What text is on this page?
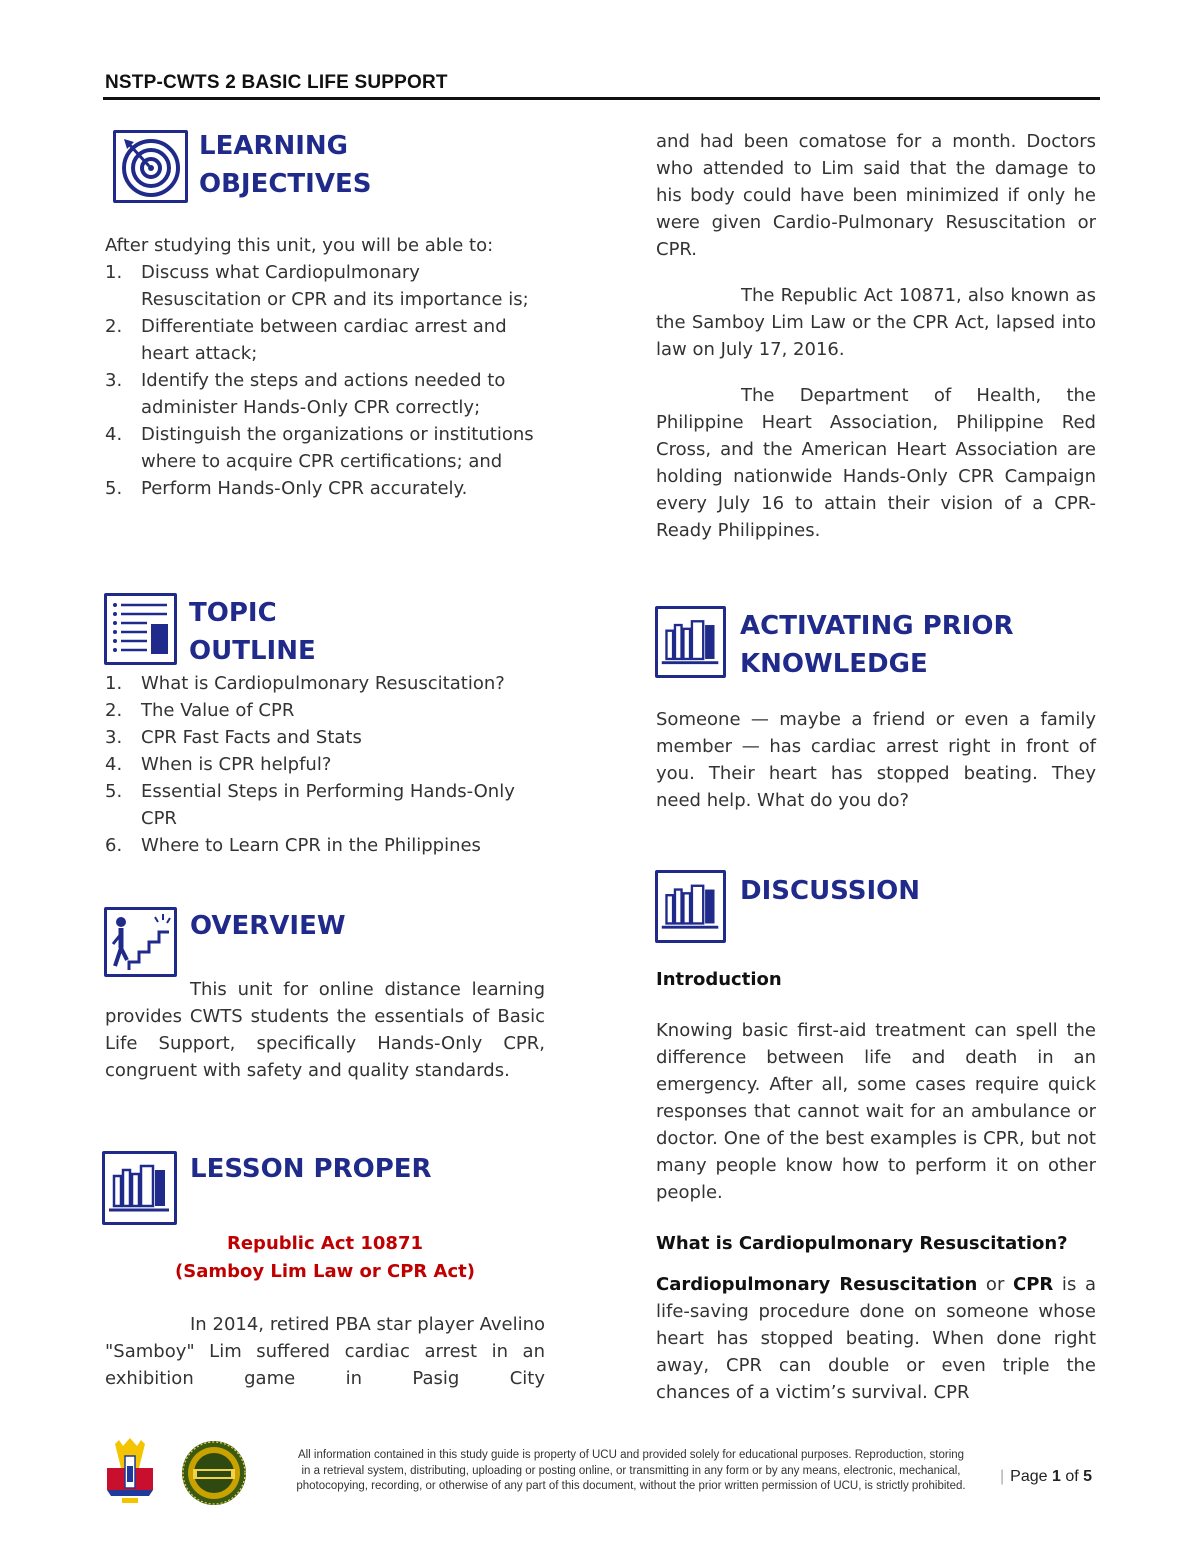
NSTP-CWTS 2 BASIC LIFE SUPPORT
LEARNING
OBJECTIVES
After studying this unit, you will be able to:
1. Discuss what Cardiopulmonary Resuscitation or CPR and its importance is;
2. Differentiate between cardiac arrest and heart attack;
3. Identify the steps and actions needed to administer Hands-Only CPR correctly;
4. Distinguish the organizations or institutions where to acquire CPR certifications; and
5. Perform Hands-Only CPR accurately.
TOPIC
OUTLINE
1. What is Cardiopulmonary Resuscitation?
2. The Value of CPR
3. CPR Fast Facts and Stats
4. When is CPR helpful?
5. Essential Steps in Performing Hands-Only CPR
6. Where to Learn CPR in the Philippines
OVERVIEW

This unit for online distance learning provides CWTS students the essentials of Basic Life Support, specifically Hands-Only CPR, congruent with safety and quality standards.

LESSON PROPER
Republic Act 10871
(Samboy Lim Law or CPR Act)

In 2014, retired PBA star player Avelino "Samboy" Lim suffered cardiac arrest in an exhibition game in Pasig City

and had been comatose for a month. Doctors who attended to Lim said that the damage to his body could have been minimized if only he were given Cardio-Pulmonary Resuscitation or CPR.

The Republic Act 10871, also known as the Samboy Lim Law or the CPR Act, lapsed into law on July 17, 2016.

The Department of Health, the Philippine Heart Association, Philippine Red Cross, and the American Heart Association are holding nationwide Hands-Only CPR Campaign every July 16 to attain their vision of a CPR-Ready Philippines.

ACTIVATING PRIOR
KNOWLEDGE

Someone — maybe a friend or even a family member — has cardiac arrest right in front of you. Their heart has stopped beating. They need help. What do you do?

DISCUSSION
Introduction

Knowing basic first-aid treatment can spell the difference between life and death in an emergency. After all, some cases require quick responses that cannot wait for an ambulance or doctor. One of the best examples is CPR, but not many people know how to perform it on other people.

What is Cardiopulmonary Resuscitation?

Cardiopulmonary Resuscitation or CPR is a life-saving procedure done on someone whose heart has stopped beating. When done right away, CPR can double or even triple the chances of a victim’s survival. CPR

All information contained in this study guide is property of UCU and provided solely for educational purposes. Reproduction, storing in a retrieval system, distributing, uploading or posting online, or transmitting in any form or by any means, electronic, mechanical, photocopying, recording, or otherwise of any part of this document, without the prior written permission of UCU, is strictly prohibited.
| Page 1 of 5
